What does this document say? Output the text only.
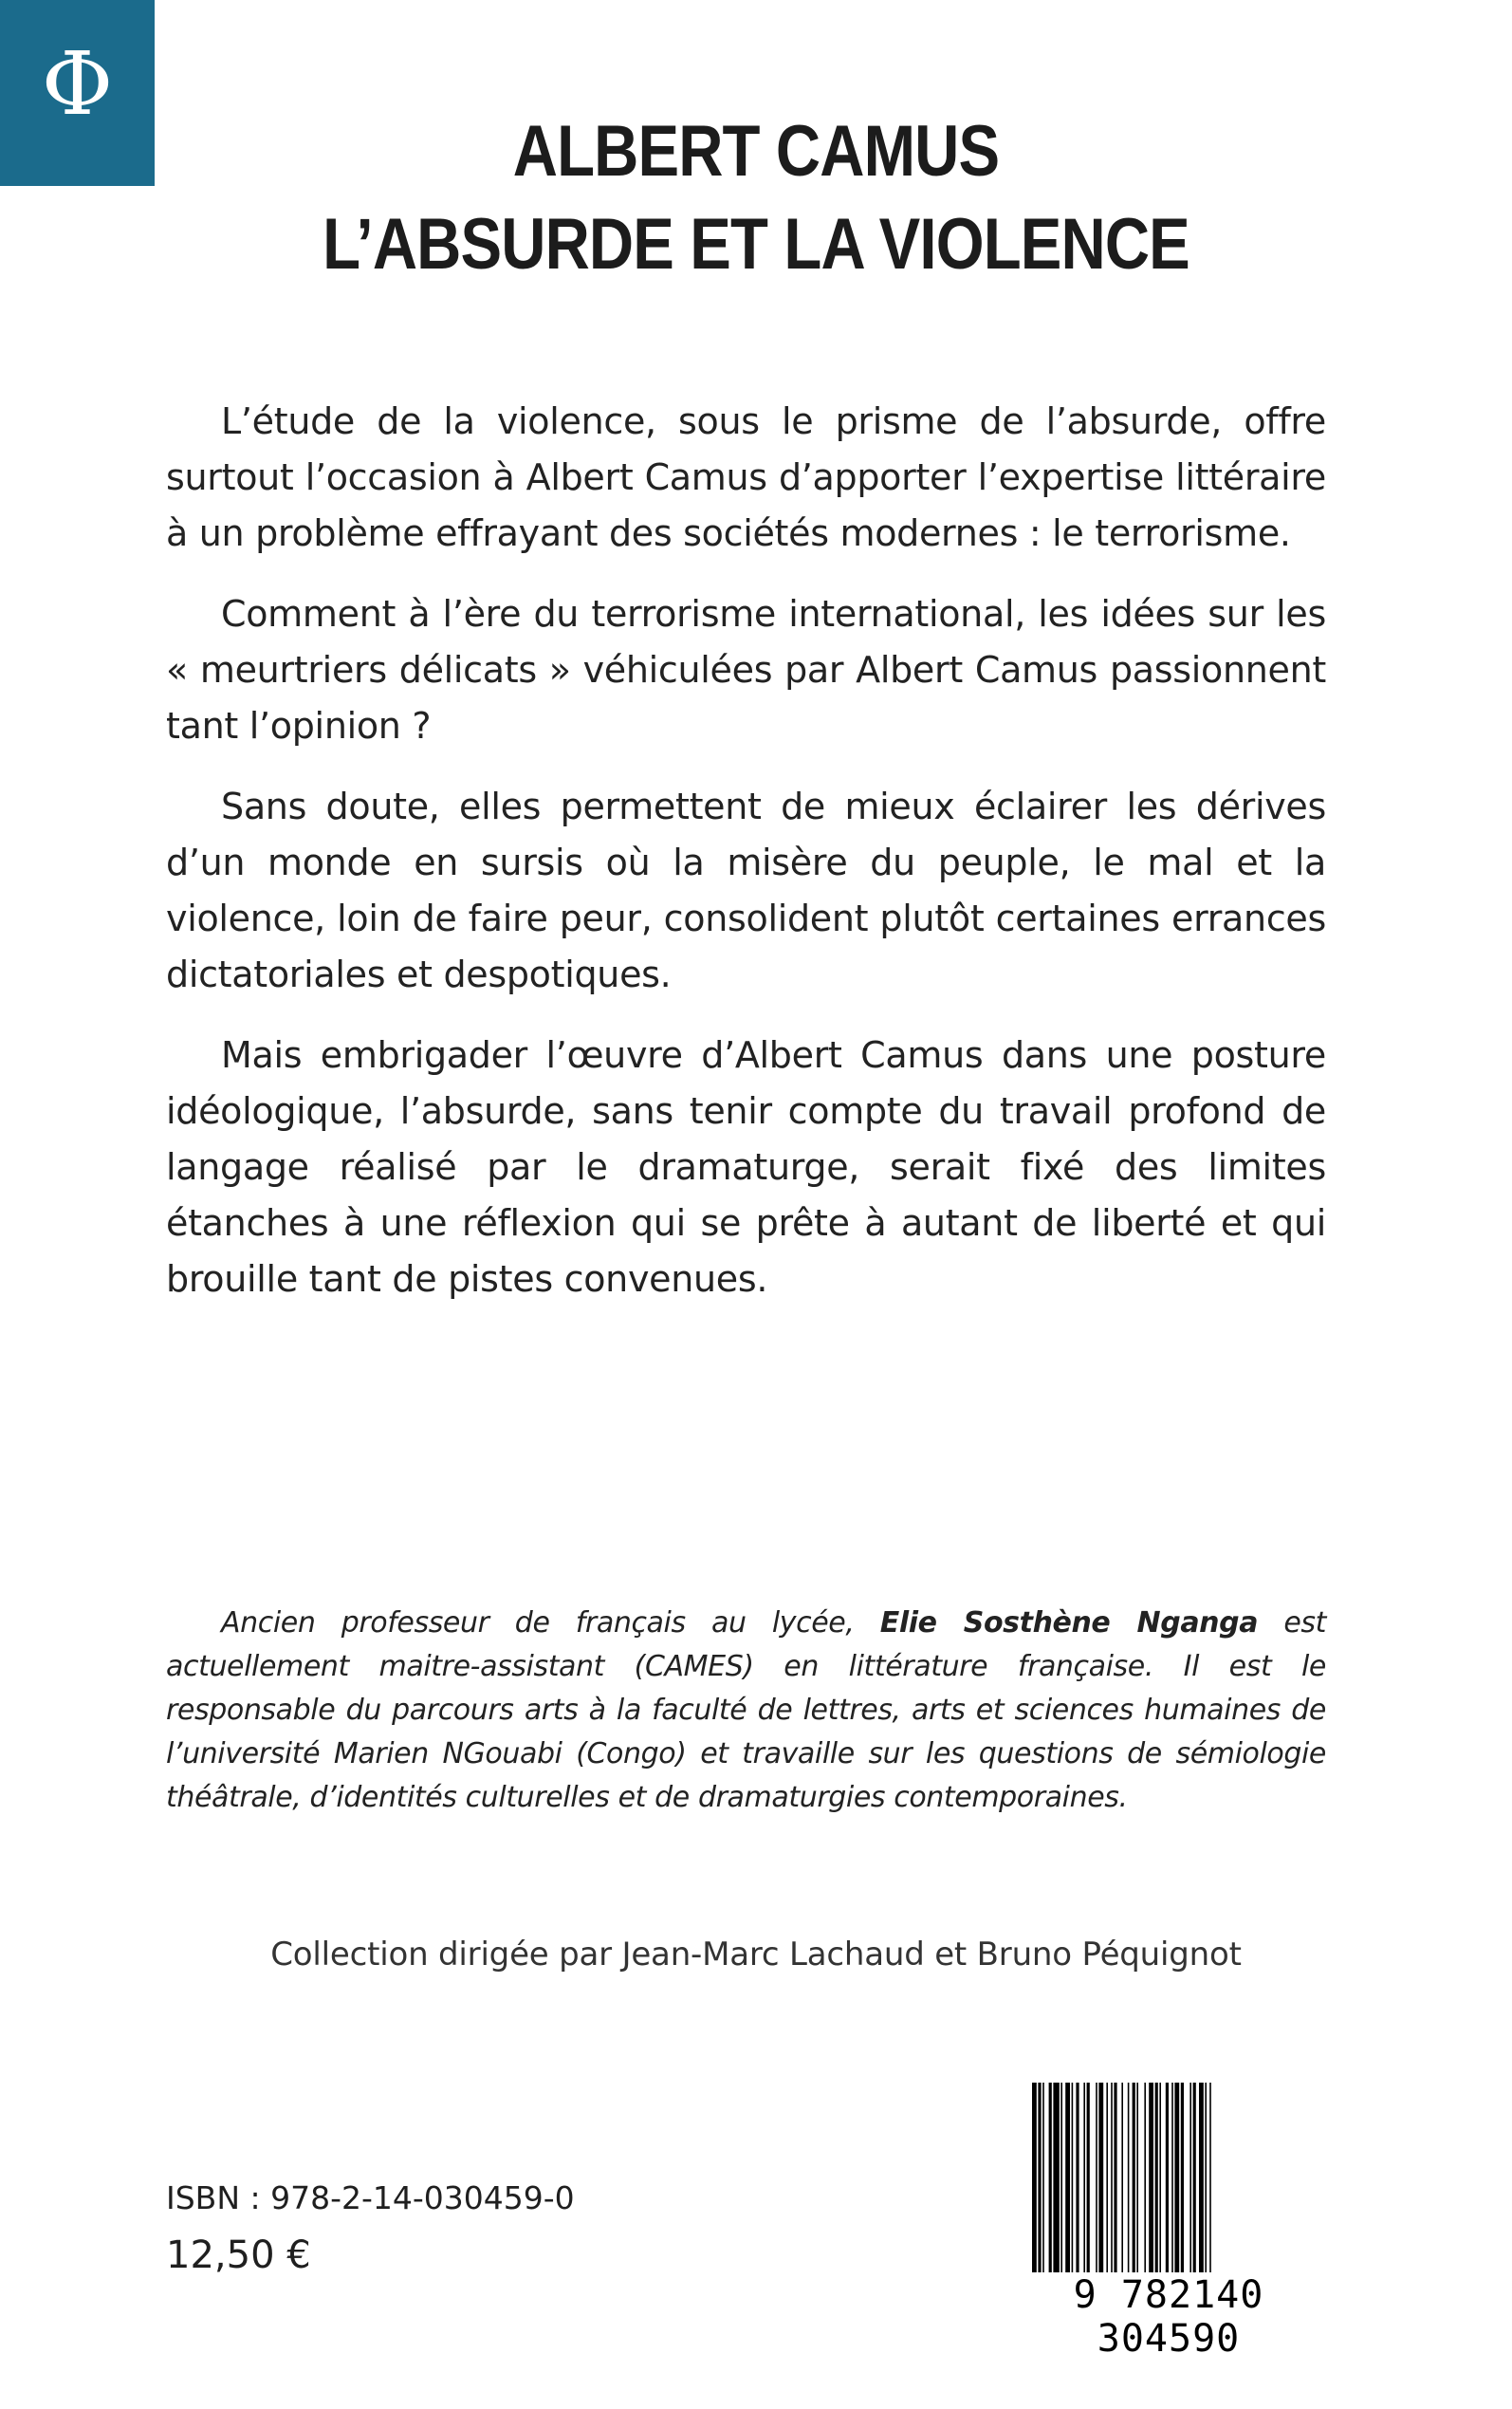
Φ
ALBERT CAMUS
L’ABSURDE ET LA VIOLENCE

L’étude de la violence, sous le prisme de l’absurde, offre surtout l’occasion à Albert Camus d’apporter l’expertise littéraire à un problème effrayant des sociétés modernes : le terrorisme.

Comment à l’ère du terrorisme international, les idées sur les « meurtriers délicats » véhiculées par Albert Camus passionnent tant l’opinion ?

Sans doute, elles permettent de mieux éclairer les dérives d’un monde en sursis où la misère du peuple, le mal et la violence, loin de faire peur, consolident plutôt certaines errances dictatoriales et despotiques.

Mais embrigader l’œuvre d’Albert Camus dans une posture idéologique, l’absurde, sans tenir compte du travail profond de langage réalisé par le dramaturge, serait fixé des limites étanches à une réflexion qui se prête à autant de liberté et qui brouille tant de pistes convenues.

Ancien professeur de français au lycée, Elie Sosthène Nganga est actuellement maitre-assistant (CAMES) en littérature française. Il est le responsable du parcours arts à la faculté de lettres, arts et sciences humaines de l’université Marien NGouabi (Congo) et travaille sur les questions de sémiologie théâtrale, d’identités culturelles et de dramaturgies contemporaines.

Collection dirigée par Jean-Marc Lachaud et Bruno Péquignot
ISBN : 978-2-14-030459-0
12,50 €
9 782140 304590
